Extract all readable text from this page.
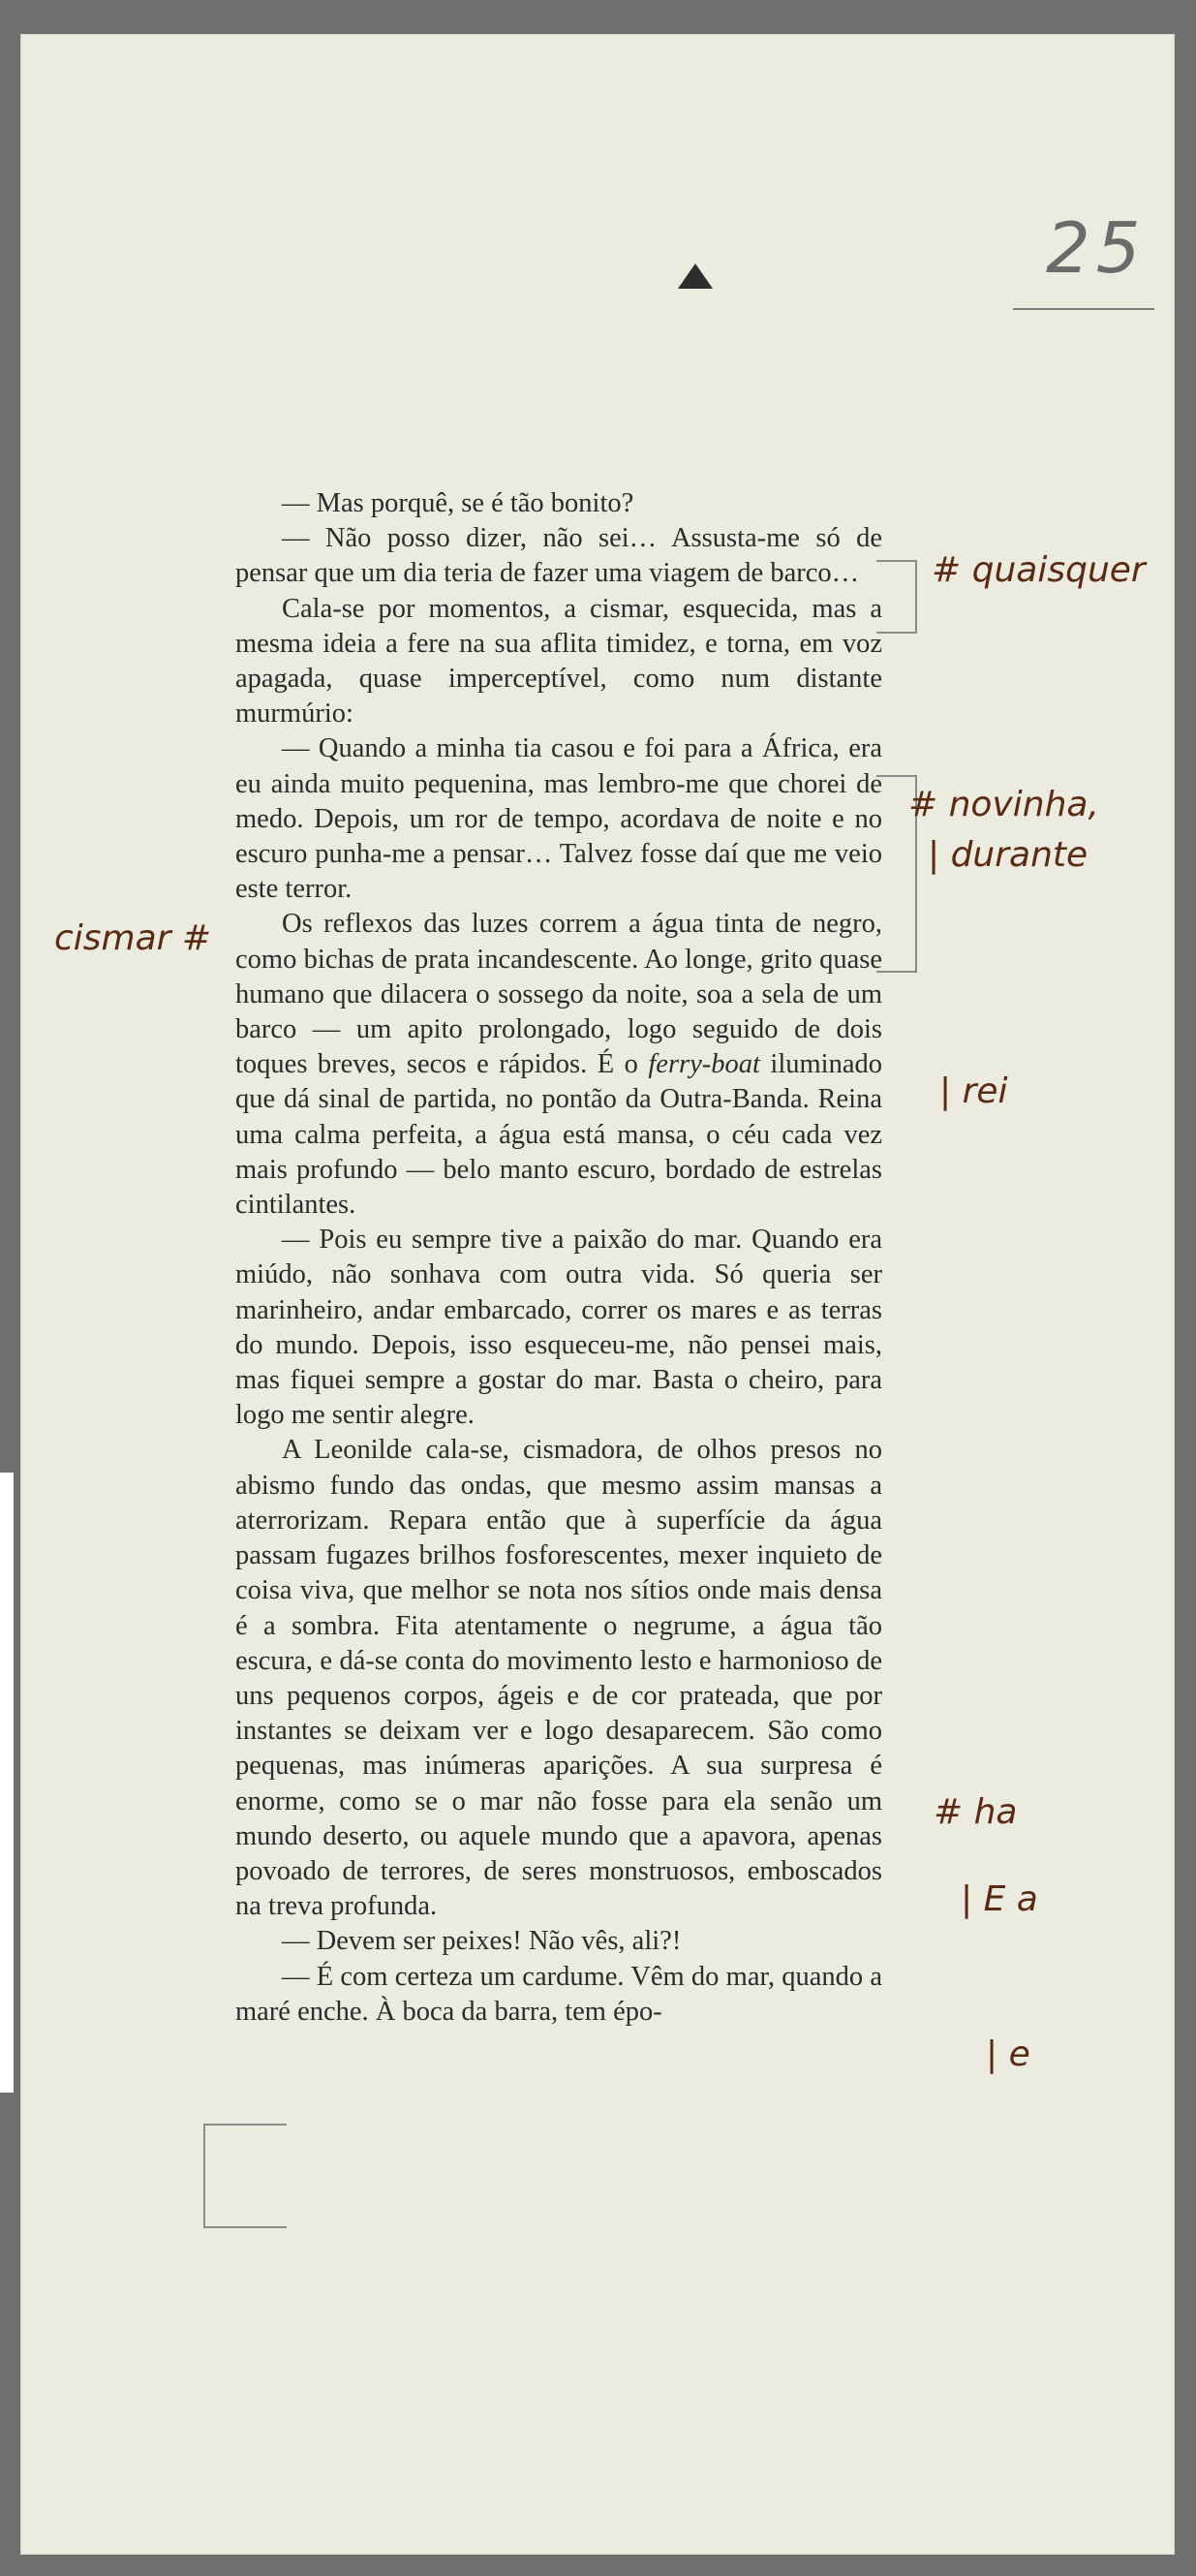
25

— Mas porquê, se é tão bonito?

— Não posso dizer, não sei… Assusta-me só de pensar que um dia teria de fazer uma viagem de barco…

Cala-se por momentos, a cismar, esquecida, mas a mesma ideia a fere na sua aflita timidez, e torna, em voz apagada, quase imperceptível, como num distante murmúrio:

— Quando a minha tia casou e foi para a África, era eu ainda muito pequenina, mas lembro-me que chorei de medo. Depois, um ror de tempo, acordava de noite e no escuro punha-me a pensar… Talvez fosse daí que me veio este terror.

Os reflexos das luzes correm a água tinta de negro, como bichas de prata incandescente. Ao longe, grito quase humano que dilacera o sossego da noite, soa a sela de um barco — um apito prolongado, logo seguido de dois toques breves, secos e rápidos. É o ferry-boat iluminado que dá sinal de partida, no pontão da Outra-Banda. Reina uma calma perfeita, a água está mansa, o céu cada vez mais profundo — belo manto escuro, bordado de estrelas cintilantes.

— Pois eu sempre tive a paixão do mar. Quando era miúdo, não sonhava com outra vida. Só queria ser marinheiro, andar embarcado, correr os mares e as terras do mundo. Depois, isso esqueceu-me, não pensei mais, mas fiquei sempre a gostar do mar. Basta o cheiro, para logo me sentir alegre.

A Leonilde cala-se, cismadora, de olhos presos no abismo fundo das ondas, que mesmo assim mansas a aterrorizam. Repara então que à superfície da água passam fugazes brilhos fosforescentes, mexer inquieto de coisa viva, que melhor se nota nos sítios onde mais densa é a sombra. Fita atentamente o negrume, a água tão escura, e dá-se conta do movimento lesto e harmonioso de uns pequenos corpos, ágeis e de cor prateada, que por instantes se deixam ver e logo desaparecem. São como pequenas, mas inúmeras aparições. A sua surpresa é enorme, como se o mar não fosse para ela senão um mundo deserto, ou aquele mundo que a apavora, apenas povoado de terrores, de seres monstruosos, emboscados na treva profunda.

— Devem ser peixes! Não vês, ali?!

— É com certeza um cardume. Vêm do mar, quando a maré enche. À boca da barra, tem épo-

# quaisquer
# novinha,
| durante
cismar #
| rei
# ha
| E a
| e
